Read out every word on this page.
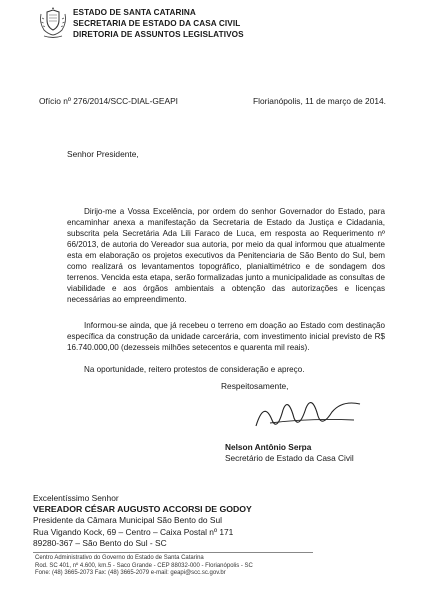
ESTADO DE SANTA CATARINA
SECRETARIA DE ESTADO DA CASA CIVIL
DIRETORIA DE ASSUNTOS LEGISLATIVOS
Ofício nº 276/2014/SCC-DIAL-GEAPI	Florianópolis, 11 de março de 2014.
Senhor Presidente,
Dirijo-me a Vossa Excelência, por ordem do senhor Governador do Estado, para encaminhar anexa a manifestação da Secretaria de Estado da Justiça e Cidadania, subscrita pela Secretária Ada Lili Faraco de Luca, em resposta ao Requerimento nº 66/2013, de autoria do Vereador sua autoria, por meio da qual informou que atualmente esta em elaboração os projetos executivos da Penitenciaria de São Bento do Sul, bem como realizará os levantamentos topográfico, planialtimétrico e de sondagem dos terrenos. Vencida esta etapa, serão formalizadas junto a municipalidade as consultas de viabilidade e aos órgãos ambientais a obtenção das autorizações e licenças necessárias ao empreendimento.
Informou-se ainda, que já recebeu o terreno em doação ao Estado com destinação específica da construção da unidade carcerária, com investimento inicial previsto de R$ 16.740.000,00 (dezesseis milhões setecentos e quarenta mil reais).
Na oportunidade, reitero protestos de consideração e apreço.
Respeitosamente,
Nelson Antônio Serpa
Secretário de Estado da Casa Civil
Excelentíssimo Senhor
VEREADOR CÉSAR AUGUSTO ACCORSI DE GODOY
Presidente da Câmara Municipal São Bento do Sul
Rua Vigando Kock, 69 – Centro – Caixa Postal nº 171
89280-367 – São Bento do Sul - SC
Centro Administrativo do Governo do Estado de Santa Catarina
Rod. SC 401, nº 4.600, km.5 - Saco Grande - CEP 88032-000 - Florianópolis - SC
Fone: (48) 3665-2073 Fax: (48) 3665-2079 e-mail: geapi@scc.sc.gov.br
